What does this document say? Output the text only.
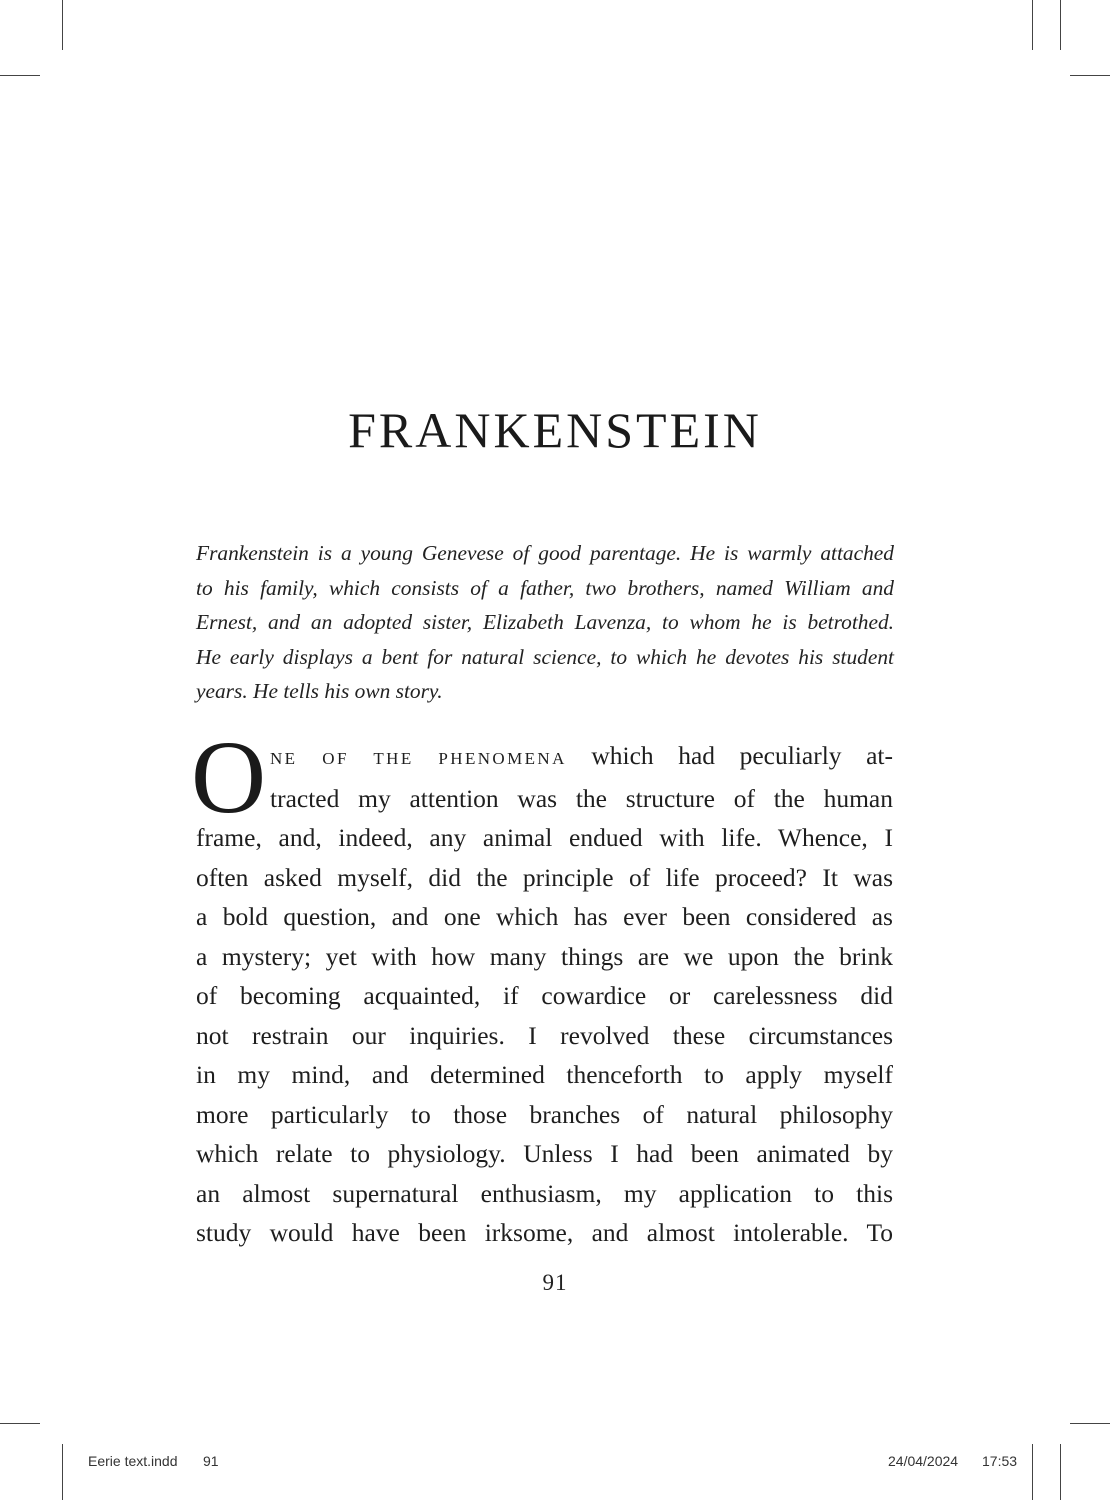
FRANKENSTEIN
Frankenstein is a young Genevese of good parentage. He is warmly attached
to his family, which consists of a father, two brothers, named William and
Ernest, and an adopted sister, Elizabeth Lavenza, to whom he is betrothed.
He early displays a bent for natural science, to which he devotes his student
years. He tells his own story.
O NE OF THE PHENOMENA which had peculiarly at-
tracted my attention was the structure of the human
frame, and, indeed, any animal endued with life. Whence, I
often asked myself, did the principle of life proceed? It was
a bold question, and one which has ever been considered as
a mystery; yet with how many things are we upon the brink
of becoming acquainted, if cowardice or carelessness did
not restrain our inquiries. I revolved these circumstances
in my mind, and determined thenceforth to apply myself
more particularly to those branches of natural philosophy
which relate to physiology. Unless I had been animated by
an almost supernatural enthusiasm, my application to this
study would have been irksome, and almost intolerable. To
91
Eerie text.indd 91	24/04/2024 17:53
